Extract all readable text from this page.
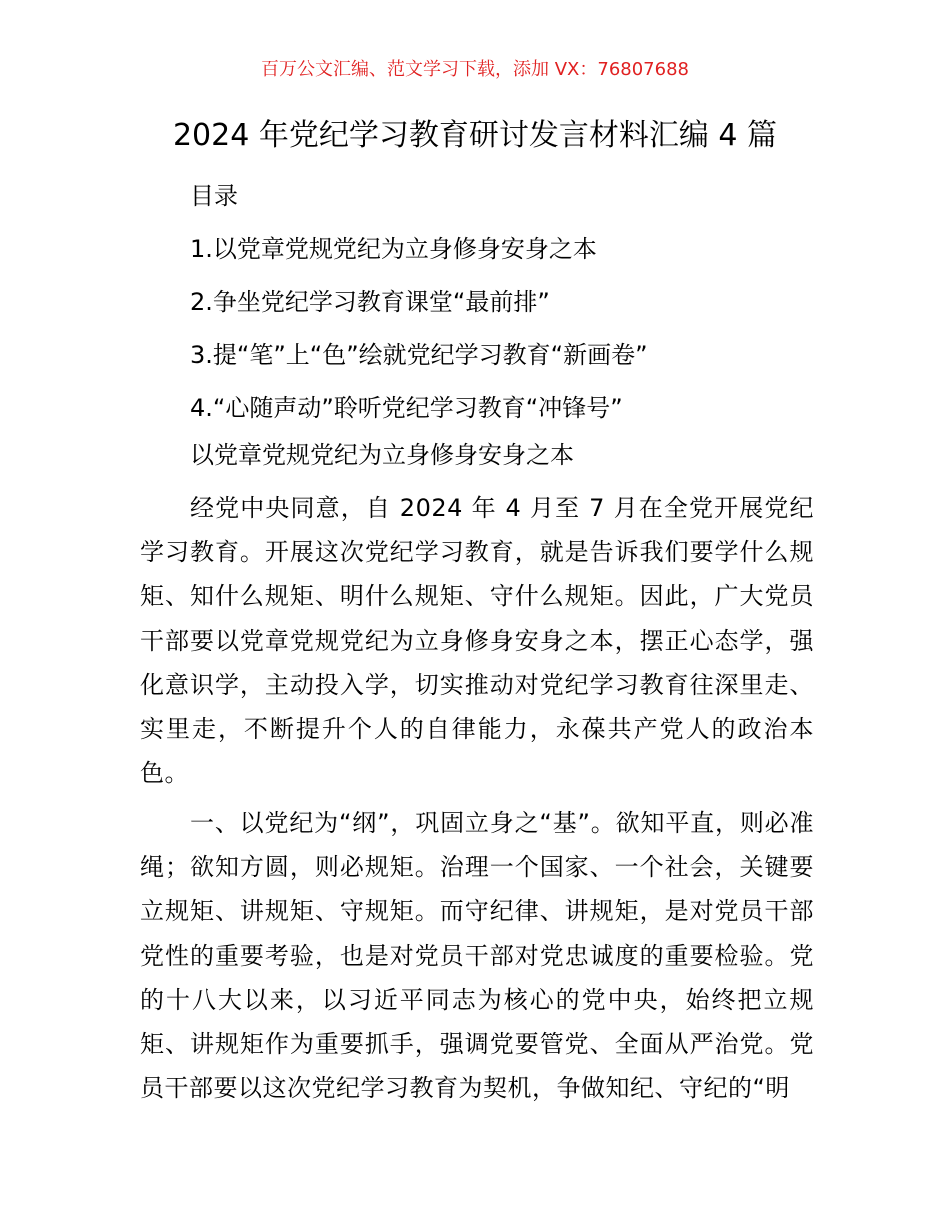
百万公文汇编、范文学习下载，添加 VX：76807688
2024 年党纪学习教育研讨发言材料汇编 4 篇
目录
1.以党章党规党纪为立身修身安身之本
2.争坐党纪学习教育课堂“最前排”
3.提“笔”上“色”绘就党纪学习教育“新画卷”
4.“心随声动”聆听党纪学习教育“冲锋号”
以党章党规党纪为立身修身安身之本

经党中央同意，自 2024 年 4 月至 7 月在全党开展党纪学习教育。开展这次党纪学习教育，就是告诉我们要学什么规矩、知什么规矩、明什么规矩、守什么规矩。因此，广大党员干部要以党章党规党纪为立身修身安身之本，摆正心态学，强化意识学，主动投入学，切实推动对党纪学习教育往深里走、实里走，不断提升个人的自律能力，永葆共产党人的政治本色。

一、以党纪为“纲”，巩固立身之“基”。欲知平直，则必准绳；欲知方圆，则必规矩。治理一个国家、一个社会，关键要立规矩、讲规矩、守规矩。而守纪律、讲规矩，是对党员干部党性的重要考验，也是对党员干部对党忠诚度的重要检验。党的十八大以来，以习近平同志为核心的党中央，始终把立规矩、讲规矩作为重要抓手，强调党要管党、全面从严治党。党员干部要以这次党纪学习教育为契机，争做知纪、守纪的“明
